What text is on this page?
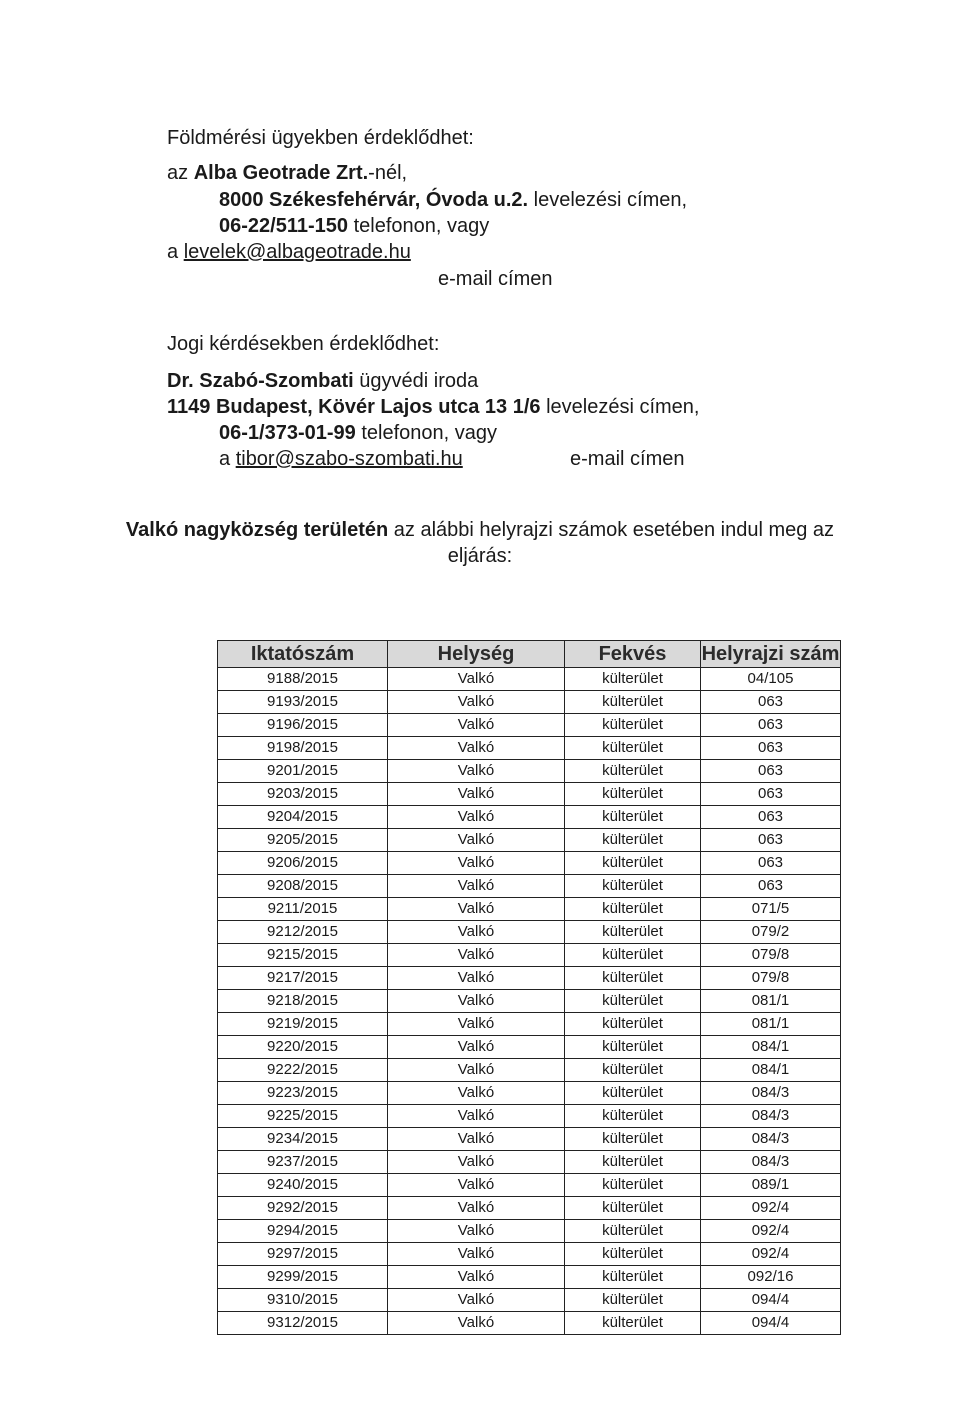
Földmérési ügyekben érdeklődhet:
az Alba Geotrade Zrt.-nél,
8000 Székesfehérvár, Óvoda u.2. levelezési címen,
06-22/511-150 telefonon, vagy
a levelek@albageotrade.hu
e-mail címen
Jogi kérdésekben érdeklődhet:
Dr. Szabó-Szombati ügyvédi iroda
1149 Budapest, Kövér Lajos utca 13 1/6 levelezési címen,
06-1/373-01-99 telefonon, vagy
a tibor@szabo-szombati.hu	e-mail címen
Valkó nagyközség területén az alábbi helyrajzi számok esetében indul meg az
eljárás:
Iktatószám	Helység	Fekvés	Helyrajzi szám
9188/2015	Valkó	külterület	04/105
9193/2015	Valkó	külterület	063
9196/2015	Valkó	külterület	063
9198/2015	Valkó	külterület	063
9201/2015	Valkó	külterület	063
9203/2015	Valkó	külterület	063
9204/2015	Valkó	külterület	063
9205/2015	Valkó	külterület	063
9206/2015	Valkó	külterület	063
9208/2015	Valkó	külterület	063
9211/2015	Valkó	külterület	071/5
9212/2015	Valkó	külterület	079/2
9215/2015	Valkó	külterület	079/8
9217/2015	Valkó	külterület	079/8
9218/2015	Valkó	külterület	081/1
9219/2015	Valkó	külterület	081/1
9220/2015	Valkó	külterület	084/1
9222/2015	Valkó	külterület	084/1
9223/2015	Valkó	külterület	084/3
9225/2015	Valkó	külterület	084/3
9234/2015	Valkó	külterület	084/3
9237/2015	Valkó	külterület	084/3
9240/2015	Valkó	külterület	089/1
9292/2015	Valkó	külterület	092/4
9294/2015	Valkó	külterület	092/4
9297/2015	Valkó	külterület	092/4
9299/2015	Valkó	külterület	092/16
9310/2015	Valkó	külterület	094/4
9312/2015	Valkó	külterület	094/4
